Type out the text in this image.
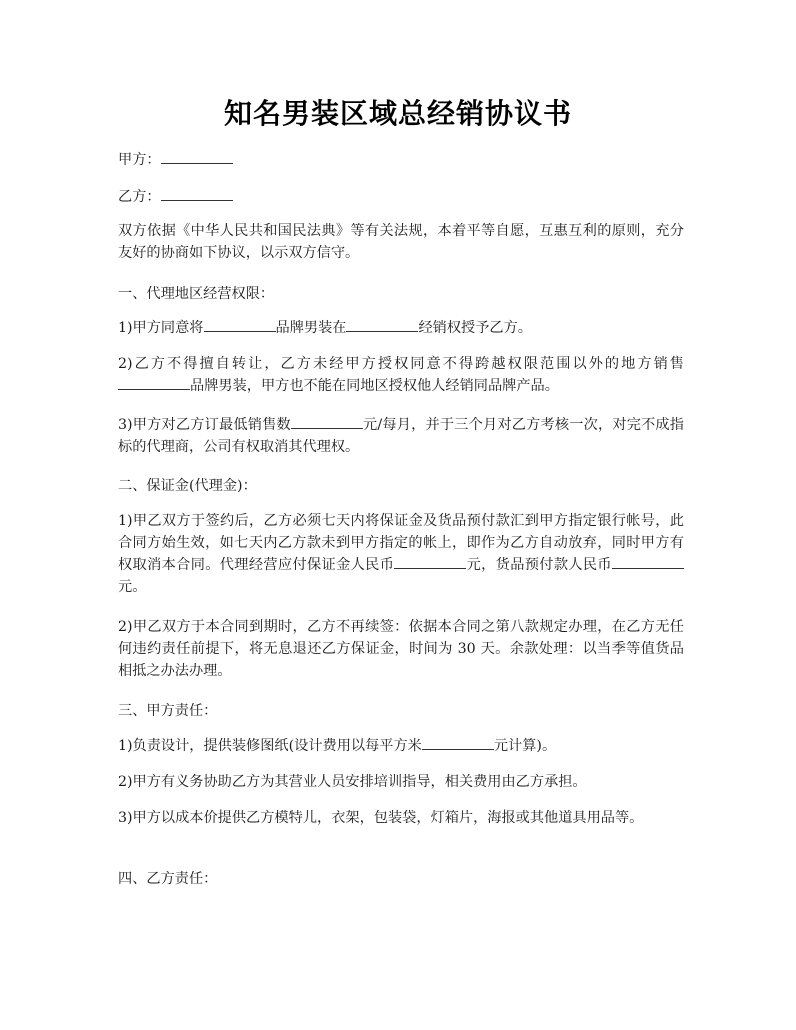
知名男装区域总经销协议书
甲方：
乙方：
双方依据《中华人民共和国民法典》等有关法规，本着平等自愿，互惠互利的原则，充分友好的协商如下协议，以示双方信守。
一、代理地区经营权限：
1)甲方同意将	品牌男装在	经销权授予乙方。
2)乙方不得擅自转让，乙方未经甲方授权同意不得跨越权限范围以外的地方销售品牌男装，甲方也不能在同地区授权他人经销同品牌产品。
3)甲方对乙方订最低销售数	元/每月，并于三个月对乙方考核一次，对完不成指标的代理商，公司有权取消其代理权。
二、保证金(代理金)：
1)甲乙双方于签约后，乙方必须七天内将保证金及货品预付款汇到甲方指定银行帐号，此合同方始生效，如七天内乙方款未到甲方指定的帐上，即作为乙方自动放弃，同时甲方有权取消本合同。代理经营应付保证金人民币	元，货品预付款人民币元。
2)甲乙双方于本合同到期时，乙方不再续签：依据本合同之第八款规定办理，在乙方无任何违约责任前提下，将无息退还乙方保证金，时间为 30 天。余款处理：以当季等值货品相抵之办法办理。
三、甲方责任：
1)负责设计，提供装修图纸(设计费用以每平方米	元计算)。
2)甲方有义务协助乙方为其营业人员安排培训指导，相关费用由乙方承担。
3)甲方以成本价提供乙方模特儿，衣架，包装袋，灯箱片，海报或其他道具用品等。
四、乙方责任：
